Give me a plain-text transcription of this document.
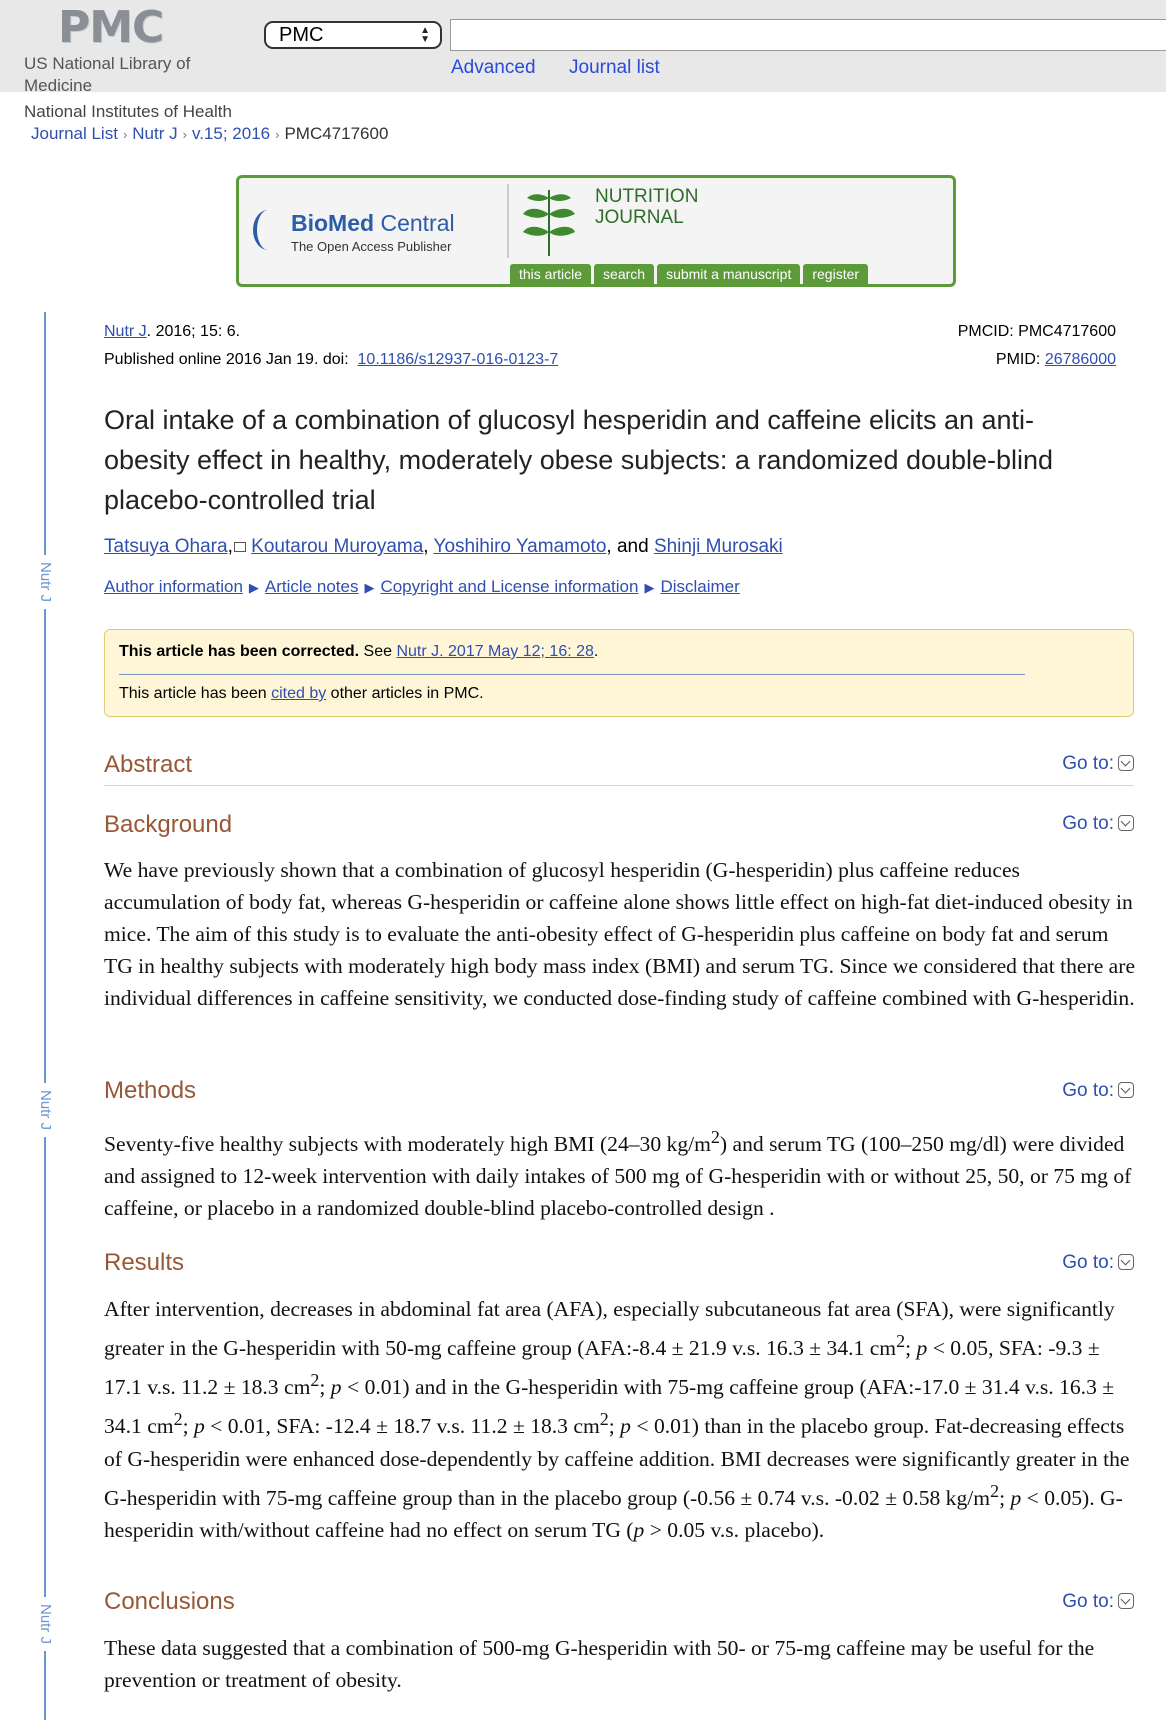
PMC
US National Library of
Medicine
PMC	▲
▼
Advanced Journal list
National Institutes of Health
Journal List › Nutr J › v.15; 2016 › PMC4717600
BioMed Central
The Open Access Publisher
NUTRITION
JOURNAL
this article	search	submit a manuscript	register
Nutr J
Nutr J
Nutr J
Nutr J. 2016; 15: 6.
Published online 2016 Jan 19. doi: 10.1186/s12937-016-0123-7
PMCID: PMC4717600
PMID: 26786000
Oral intake of a combination of glucosyl hesperidin and caffeine elicits an anti-obesity effect in healthy, moderately obese subjects: a randomized double-blind placebo-controlled trial
Tatsuya Ohara, Koutarou Muroyama, Yoshihiro Yamamoto, and Shinji Murosaki
Author information ▶ Article notes ▶ Copyright and License information ▶ Disclaimer
This article has been corrected. See Nutr J. 2017 May 12; 16: 28.
This article has been cited by other articles in PMC.
Abstract	Go to:
Background	Go to:

We have previously shown that a combination of glucosyl hesperidin (G-hesperidin) plus caffeine reduces accumulation of body fat, whereas G-hesperidin or caffeine alone shows little effect on high-fat diet-induced obesity in mice. The aim of this study is to evaluate the anti-obesity effect of G-hesperidin plus caffeine on body fat and serum TG in healthy subjects with moderately high body mass index (BMI) and serum TG. Since we considered that there are individual differences in caffeine sensitivity, we conducted dose-finding study of caffeine combined with G-hesperidin.

Methods	Go to:

Seventy-five healthy subjects with moderately high BMI (24–30 $kg/m^2$) and serum TG (100–250 mg/dl) were divided and assigned to 12-week intervention with daily intakes of 500 mg of G-hesperidin with or without 25, 50, or 75 mg of caffeine, or placebo in a randomized double-blind placebo-controlled design .

Results	Go to:

After intervention, decreases in abdominal fat area (AFA), especially subcutaneous fat area (SFA), were significantly greater in the G-hesperidin with 50-mg caffeine group (AFA:-8.4 ± 21.9 v.s. 16.3 ± 34.1 $cm^2$; p < 0.05, SFA: -9.3 ± 17.1 v.s. 11.2 ± 18.3 $cm^2$; p < 0.01) and in the G-hesperidin with 75-mg caffeine group (AFA:-17.0 ± 31.4 v.s. 16.3 ± 34.1 $cm^2$; p < 0.01, SFA: -12.4 ± 18.7 v.s. 11.2 ± 18.3 $cm^2$; p < 0.01) than in the placebo group. Fat-decreasing effects of G-hesperidin were enhanced dose-dependently by caffeine addition. BMI decreases were significantly greater in the G-hesperidin with 75-mg caffeine group than in the placebo group (-0.56 ± 0.74 v.s. -0.02 ± 0.58 $kg/m^2$; p < 0.05). G-hesperidin with/without caffeine had no effect on serum TG (p > 0.05 v.s. placebo).

Conclusions	Go to:

These data suggested that a combination of 500-mg G-hesperidin with 50- or 75-mg caffeine may be useful for the prevention or treatment of obesity.
